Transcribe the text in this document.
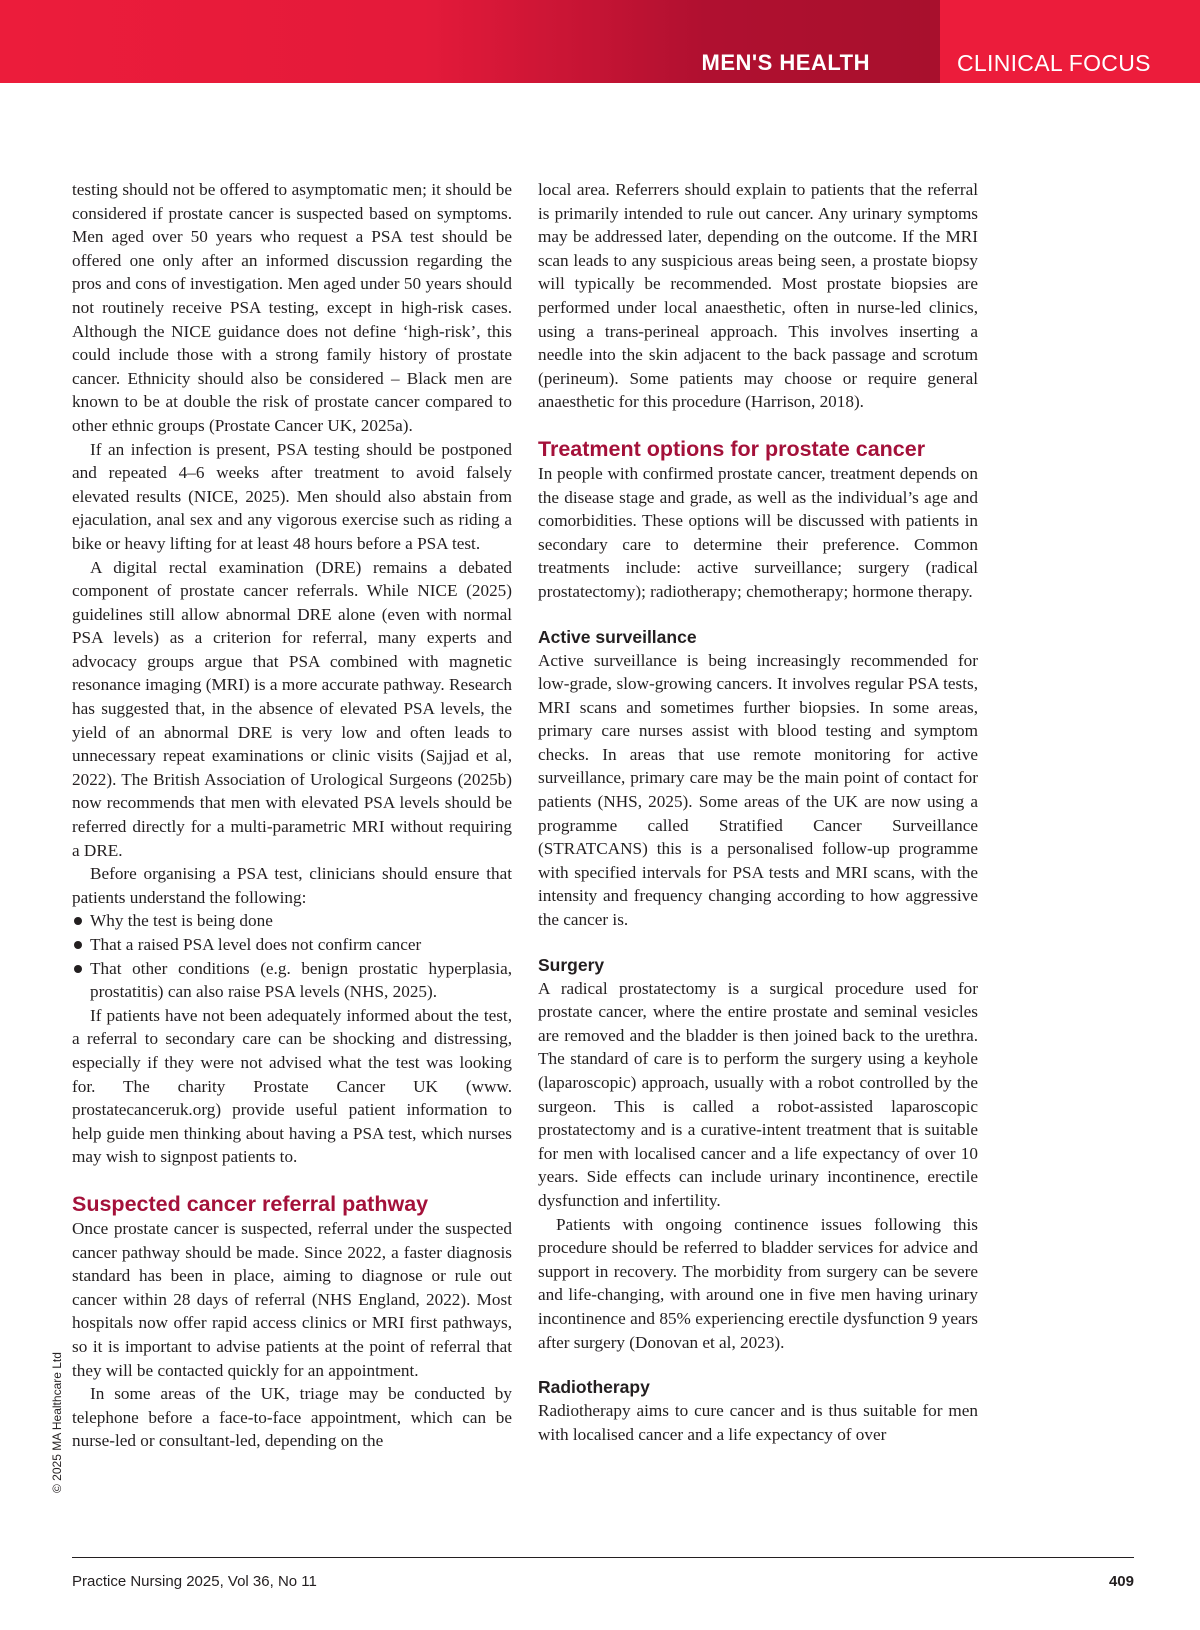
MEN'S HEALTH	CLINICAL FOCUS

testing should not be offered to asymptomatic men; it should be considered if prostate cancer is suspected based on symptoms. Men aged over 50 years who request a PSA test should be offered one only after an informed discussion regarding the pros and cons of investigation. Men aged under 50 years should not routinely receive PSA testing, except in high-risk cases. Although the NICE guidance does not define ‘high-risk’, this could include those with a strong family history of prostate cancer. Ethnicity should also be considered – Black men are known to be at double the risk of prostate cancer compared to other ethnic groups (Prostate Cancer UK, 2025a).

If an infection is present, PSA testing should be postponed and repeated 4–6 weeks after treatment to avoid falsely elevated results (NICE, 2025). Men should also abstain from ejaculation, anal sex and any vigorous exercise such as riding a bike or heavy lifting for at least 48 hours before a PSA test.

A digital rectal examination (DRE) remains a debated component of prostate cancer referrals. While NICE (2025) guidelines still allow abnormal DRE alone (even with normal PSA levels) as a criterion for referral, many experts and advocacy groups argue that PSA combined with magnetic resonance imaging (MRI) is a more accurate pathway. Research has suggested that, in the absence of elevated PSA levels, the yield of an abnormal DRE is very low and often leads to unnecessary repeat examinations or clinic visits (Sajjad et al, 2022). The British Association of Urological Surgeons (2025b) now recommends that men with elevated PSA levels should be referred directly for a multi-parametric MRI without requiring a DRE.

Before organising a PSA test, clinicians should ensure that patients understand the following:

Why the test is being done
That a raised PSA level does not confirm cancer
That other conditions (e.g. benign prostatic hyperplasia, prostatitis) can also raise PSA levels (NHS, 2025).

If patients have not been adequately informed about the test, a referral to secondary care can be shocking and distressing, especially if they were not advised what the test was looking for. The charity Prostate Cancer UK (www. prostatecanceruk.org) provide useful patient information to help guide men thinking about having a PSA test, which nurses may wish to signpost patients to.

Suspected cancer referral pathway

Once prostate cancer is suspected, referral under the suspected cancer pathway should be made. Since 2022, a faster diagnosis standard has been in place, aiming to diagnose or rule out cancer within 28 days of referral (NHS England, 2022). Most hospitals now offer rapid access clinics or MRI first pathways, so it is important to advise patients at the point of referral that they will be contacted quickly for an appointment.

In some areas of the UK, triage may be conducted by telephone before a face-to-face appointment, which can be nurse-led or consultant-led, depending on the

local area. Referrers should explain to patients that the referral is primarily intended to rule out cancer. Any urinary symptoms may be addressed later, depending on the outcome. If the MRI scan leads to any suspicious areas being seen, a prostate biopsy will typically be recommended. Most prostate biopsies are performed under local anaesthetic, often in nurse-led clinics, using a trans-perineal approach. This involves inserting a needle into the skin adjacent to the back passage and scrotum (perineum). Some patients may choose or require general anaesthetic for this procedure (Harrison, 2018).

Treatment options for prostate cancer

In people with confirmed prostate cancer, treatment depends on the disease stage and grade, as well as the individual’s age and comorbidities. These options will be discussed with patients in secondary care to determine their preference. Common treatments include: active surveillance; surgery (radical prostatectomy); radiotherapy; chemotherapy; hormone therapy.

Active surveillance

Active surveillance is being increasingly recommended for low-grade, slow-growing cancers. It involves regular PSA tests, MRI scans and sometimes further biopsies. In some areas, primary care nurses assist with blood testing and symptom checks. In areas that use remote monitoring for active surveillance, primary care may be the main point of contact for patients (NHS, 2025). Some areas of the UK are now using a programme called Stratified Cancer Surveillance (STRATCANS) this is a personalised follow-up programme with specified intervals for PSA tests and MRI scans, with the intensity and frequency changing according to how aggressive the cancer is.

Surgery

A radical prostatectomy is a surgical procedure used for prostate cancer, where the entire prostate and seminal vesicles are removed and the bladder is then joined back to the urethra. The standard of care is to perform the surgery using a keyhole (laparoscopic) approach, usually with a robot controlled by the surgeon. This is called a robot-assisted laparoscopic prostatectomy and is a curative-intent treatment that is suitable for men with localised cancer and a life expectancy of over 10 years. Side effects can include urinary incontinence, erectile dysfunction and infertility.

Patients with ongoing continence issues following this procedure should be referred to bladder services for advice and support in recovery. The morbidity from surgery can be severe and life-changing, with around one in five men having urinary incontinence and 85% experiencing erectile dysfunction 9 years after surgery (Donovan et al, 2023).

Radiotherapy

Radiotherapy aims to cure cancer and is thus suitable for men with localised cancer and a life expectancy of over

© 2025 MA Healthcare Ltd
Practice Nursing 2025, Vol 36, No 11	409
